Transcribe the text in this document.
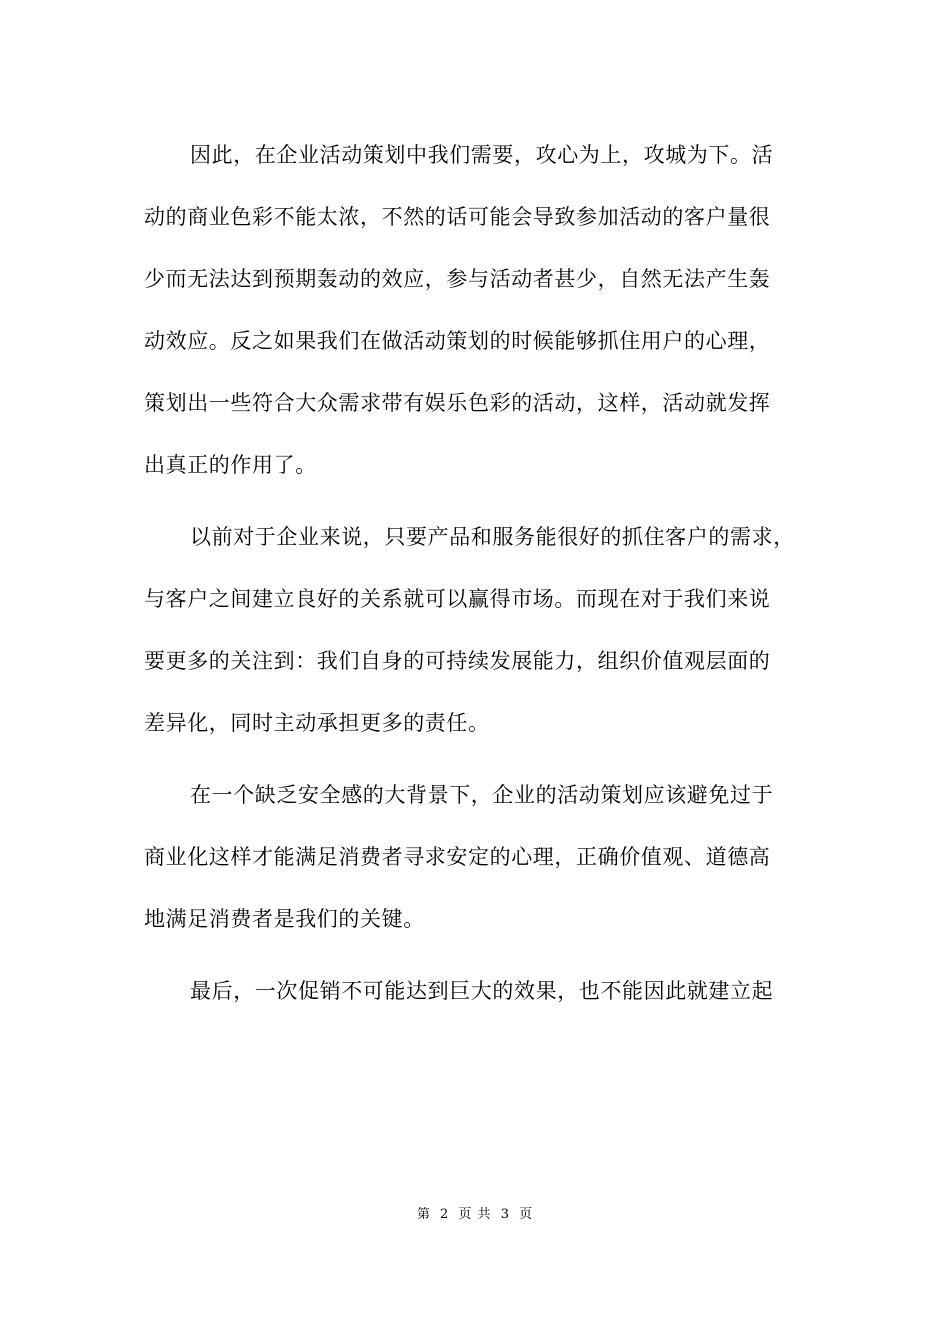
因此，在企业活动策划中我们需要，攻心为上，攻城为下。活
动的商业色彩不能太浓，不然的话可能会导致参加活动的客户量很
少而无法达到预期轰动的效应，参与活动者甚少，自然无法产生轰
动效应。反之如果我们在做活动策划的时候能够抓住用户的心理，
策划出一些符合大众需求带有娱乐色彩的活动，这样，活动就发挥
出真正的作用了。

以前对于企业来说，只要产品和服务能很好的抓住客户的需求，
与客户之间建立良好的关系就可以赢得市场。而现在对于我们来说
要更多的关注到：我们自身的可持续发展能力，组织价值观层面的
差异化，同时主动承担更多的责任。

在一个缺乏安全感的大背景下，企业的活动策划应该避免过于
商业化这样才能满足消费者寻求安定的心理，正确价值观、道德高
地满足消费者是我们的关键。

最后，一次促销不可能达到巨大的效果，也不能因此就建立起

第 2 页 共 3 页
